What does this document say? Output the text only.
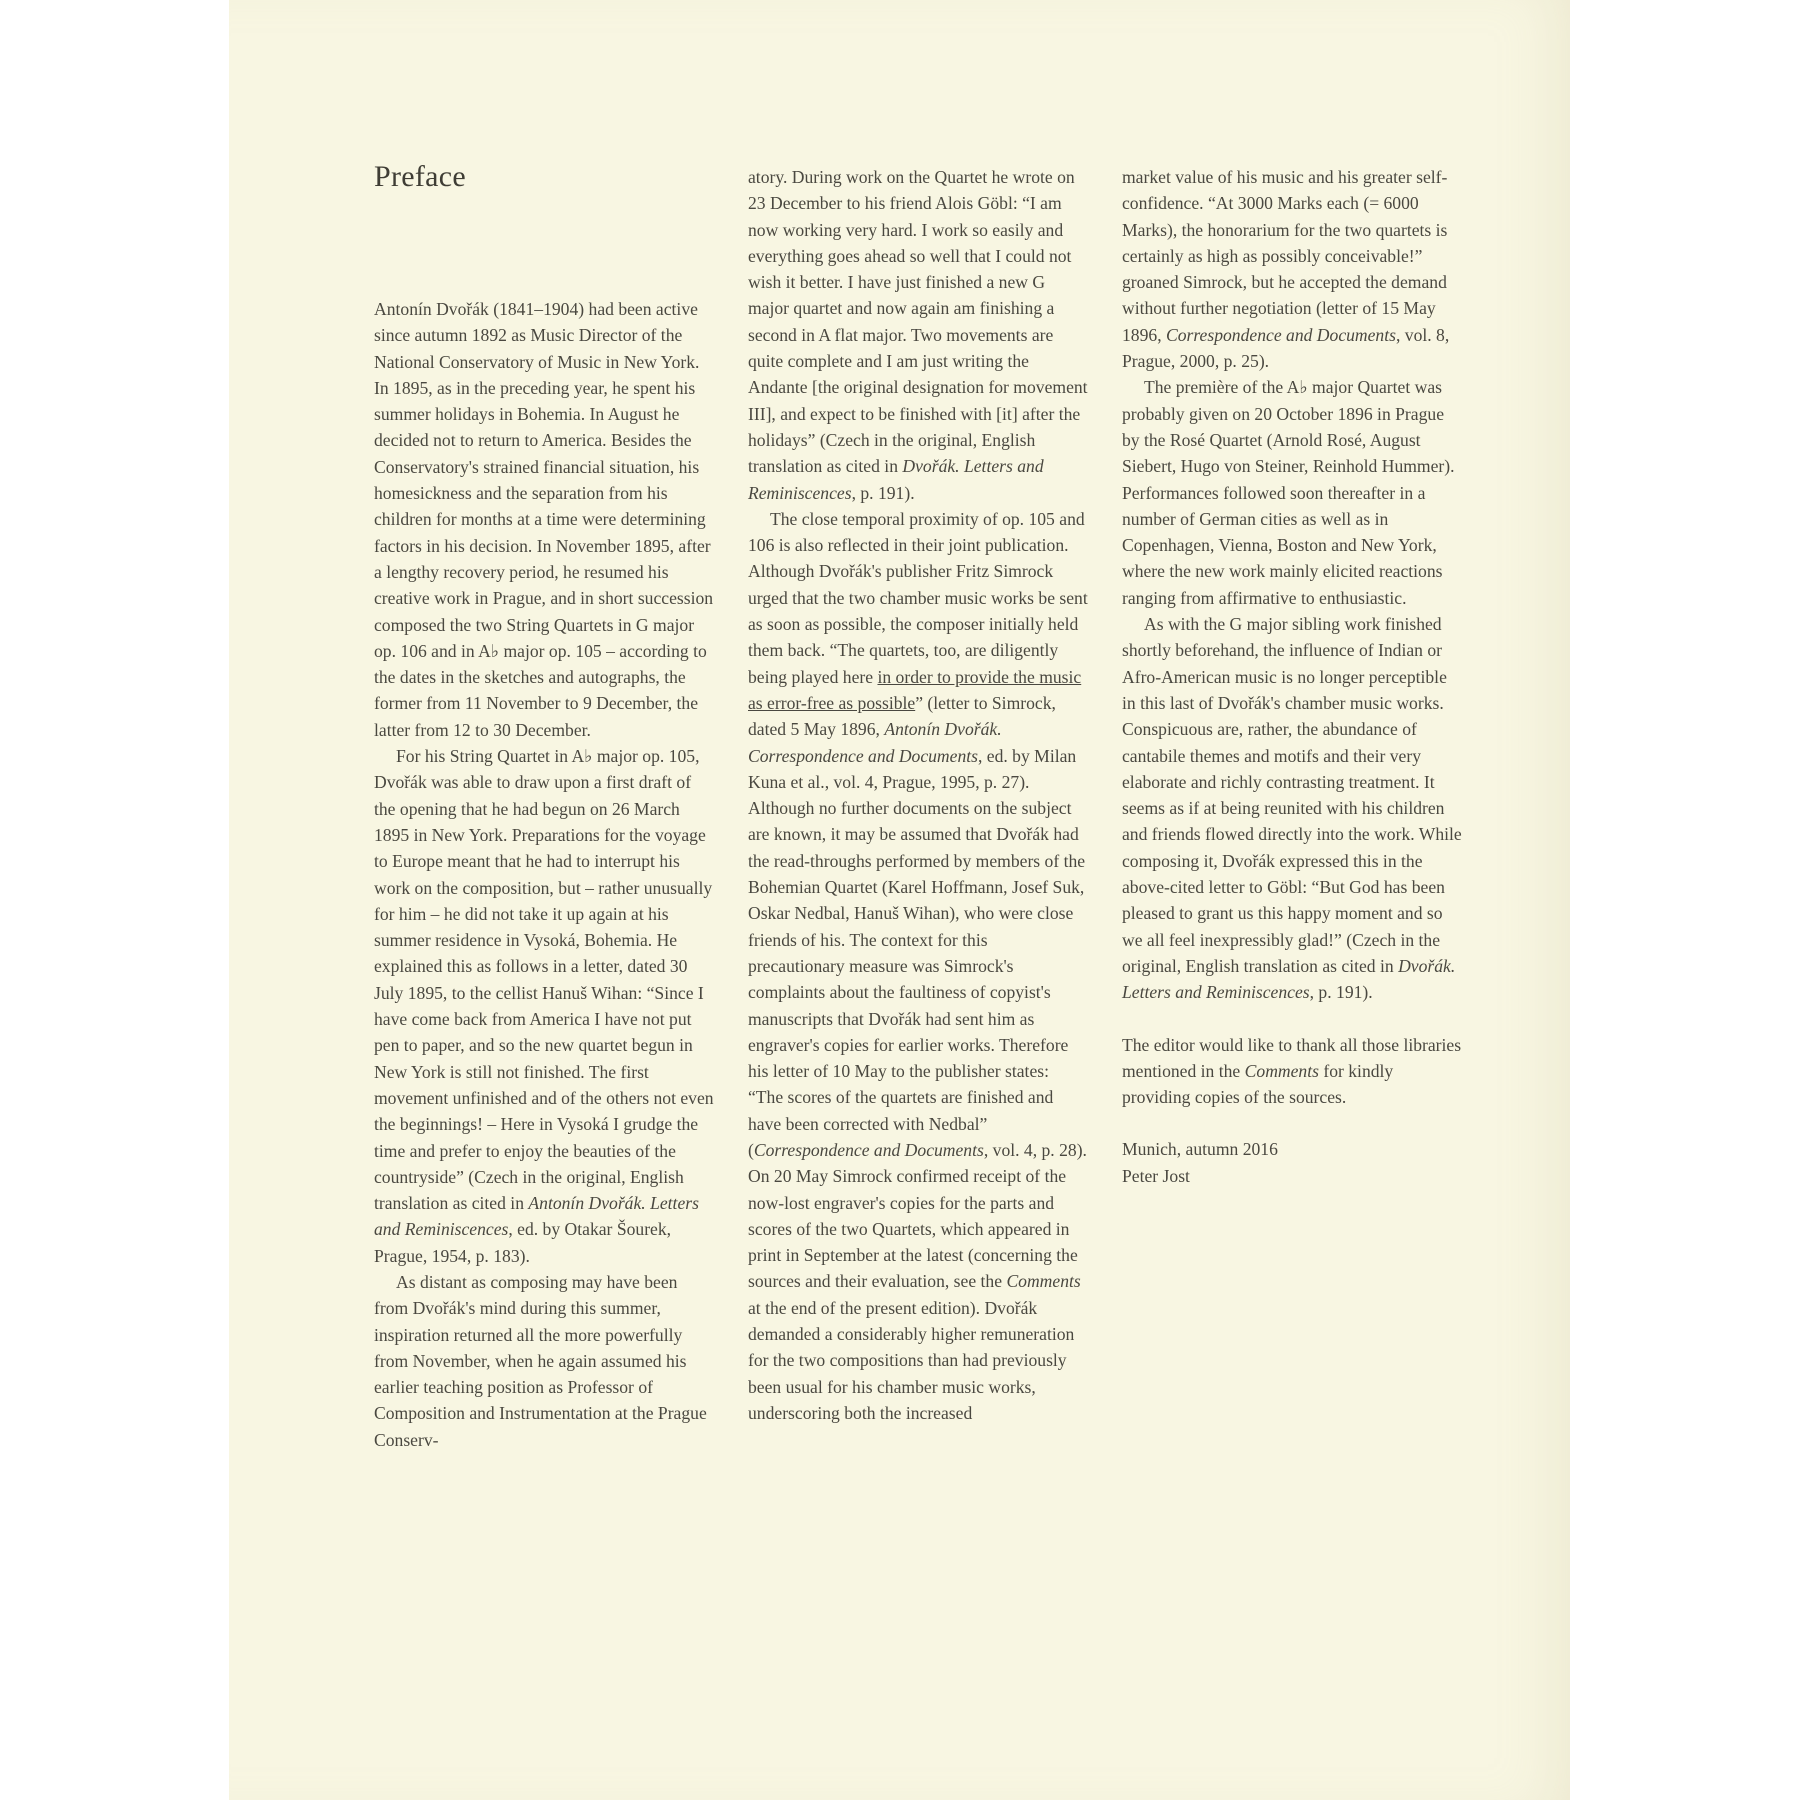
Preface

Antonín Dvořák (1841–1904) had been active since autumn 1892 as Music Director of the National Conservatory of Music in New York. In 1895, as in the preceding year, he spent his summer holidays in Bohemia. In August he decided not to return to America. Besides the Conservatory's strained financial situation, his homesickness and the separation from his children for months at a time were determining factors in his decision. In November 1895, after a lengthy recovery period, he resumed his creative work in Prague, and in short succession composed the two String Quartets in G major op. 106 and in A♭ major op. 105 – according to the dates in the sketches and autographs, the former from 11 November to 9 December, the latter from 12 to 30 December.

For his String Quartet in A♭ major op. 105, Dvořák was able to draw upon a first draft of the opening that he had begun on 26 March 1895 in New York. Preparations for the voyage to Europe meant that he had to interrupt his work on the composition, but – rather unusually for him – he did not take it up again at his summer residence in Vysoká, Bohemia. He explained this as follows in a letter, dated 30 July 1895, to the cellist Hanuš Wihan: “Since I have come back from America I have not put pen to paper, and so the new quartet begun in New York is still not finished. The first movement unfinished and of the others not even the beginnings! – Here in Vysoká I grudge the time and prefer to enjoy the beauties of the countryside” (Czech in the original, English translation as cited in Antonín Dvořák. Letters and Reminiscences, ed. by Otakar Šourek, Prague, 1954, p. 183).

As distant as composing may have been from Dvořák's mind during this summer, inspiration returned all the more powerfully from November, when he again assumed his earlier teaching position as Professor of Composition and Instrumentation at the Prague Conserv-

atory. During work on the Quartet he wrote on 23 December to his friend Alois Göbl: “I am now working very hard. I work so easily and everything goes ahead so well that I could not wish it better. I have just finished a new G major quartet and now again am finishing a second in A flat major. Two movements are quite complete and I am just writing the Andante [the original designation for movement III], and expect to be finished with [it] after the holidays” (Czech in the original, English translation as cited in Dvořák. Letters and Reminiscences, p. 191).

The close temporal proximity of op. 105 and 106 is also reflected in their joint publication. Although Dvořák's publisher Fritz Simrock urged that the two chamber music works be sent as soon as possible, the composer initially held them back. “The quartets, too, are diligently being played here in order to provide the music as error-free as possible” (letter to Simrock, dated 5 May 1896, Antonín Dvořák. Correspondence and Documents, ed. by Milan Kuna et al., vol. 4, Prague, 1995, p. 27). Although no further documents on the subject are known, it may be assumed that Dvořák had the read-throughs performed by members of the Bohemian Quartet (Karel Hoffmann, Josef Suk, Oskar Nedbal, Hanuš Wihan), who were close friends of his. The context for this precautionary measure was Simrock's complaints about the faultiness of copyist's manuscripts that Dvořák had sent him as engraver's copies for earlier works. Therefore his letter of 10 May to the publisher states: “The scores of the quartets are finished and have been corrected with Nedbal” (Correspondence and Documents, vol. 4, p. 28). On 20 May Simrock confirmed receipt of the now-lost engraver's copies for the parts and scores of the two Quartets, which appeared in print in September at the latest (concerning the sources and their evaluation, see the Comments at the end of the present edition). Dvořák demanded a considerably higher remuneration for the two compositions than had previously been usual for his chamber music works, underscoring both the increased

market value of his music and his greater self-confidence. “At 3000 Marks each (= 6000 Marks), the honorarium for the two quartets is certainly as high as possibly conceivable!” groaned Simrock, but he accepted the demand without further negotiation (letter of 15 May 1896, Correspondence and Documents, vol. 8, Prague, 2000, p. 25).

The première of the A♭ major Quartet was probably given on 20 October 1896 in Prague by the Rosé Quartet (Arnold Rosé, August Siebert, Hugo von Steiner, Reinhold Hummer). Performances followed soon thereafter in a number of German cities as well as in Copenhagen, Vienna, Boston and New York, where the new work mainly elicited reactions ranging from affirmative to enthusiastic.

As with the G major sibling work finished shortly beforehand, the influence of Indian or Afro-American music is no longer perceptible in this last of Dvořák's chamber music works. Conspicuous are, rather, the abundance of cantabile themes and motifs and their very elaborate and richly contrasting treatment. It seems as if at being reunited with his children and friends flowed directly into the work. While composing it, Dvořák expressed this in the above-cited letter to Göbl: “But God has been pleased to grant us this happy moment and so we all feel inexpressibly glad!” (Czech in the original, English translation as cited in Dvořák. Letters and Reminiscences, p. 191).

The editor would like to thank all those libraries mentioned in the Comments for kindly providing copies of the sources.

Munich, autumn 2016

Peter Jost
